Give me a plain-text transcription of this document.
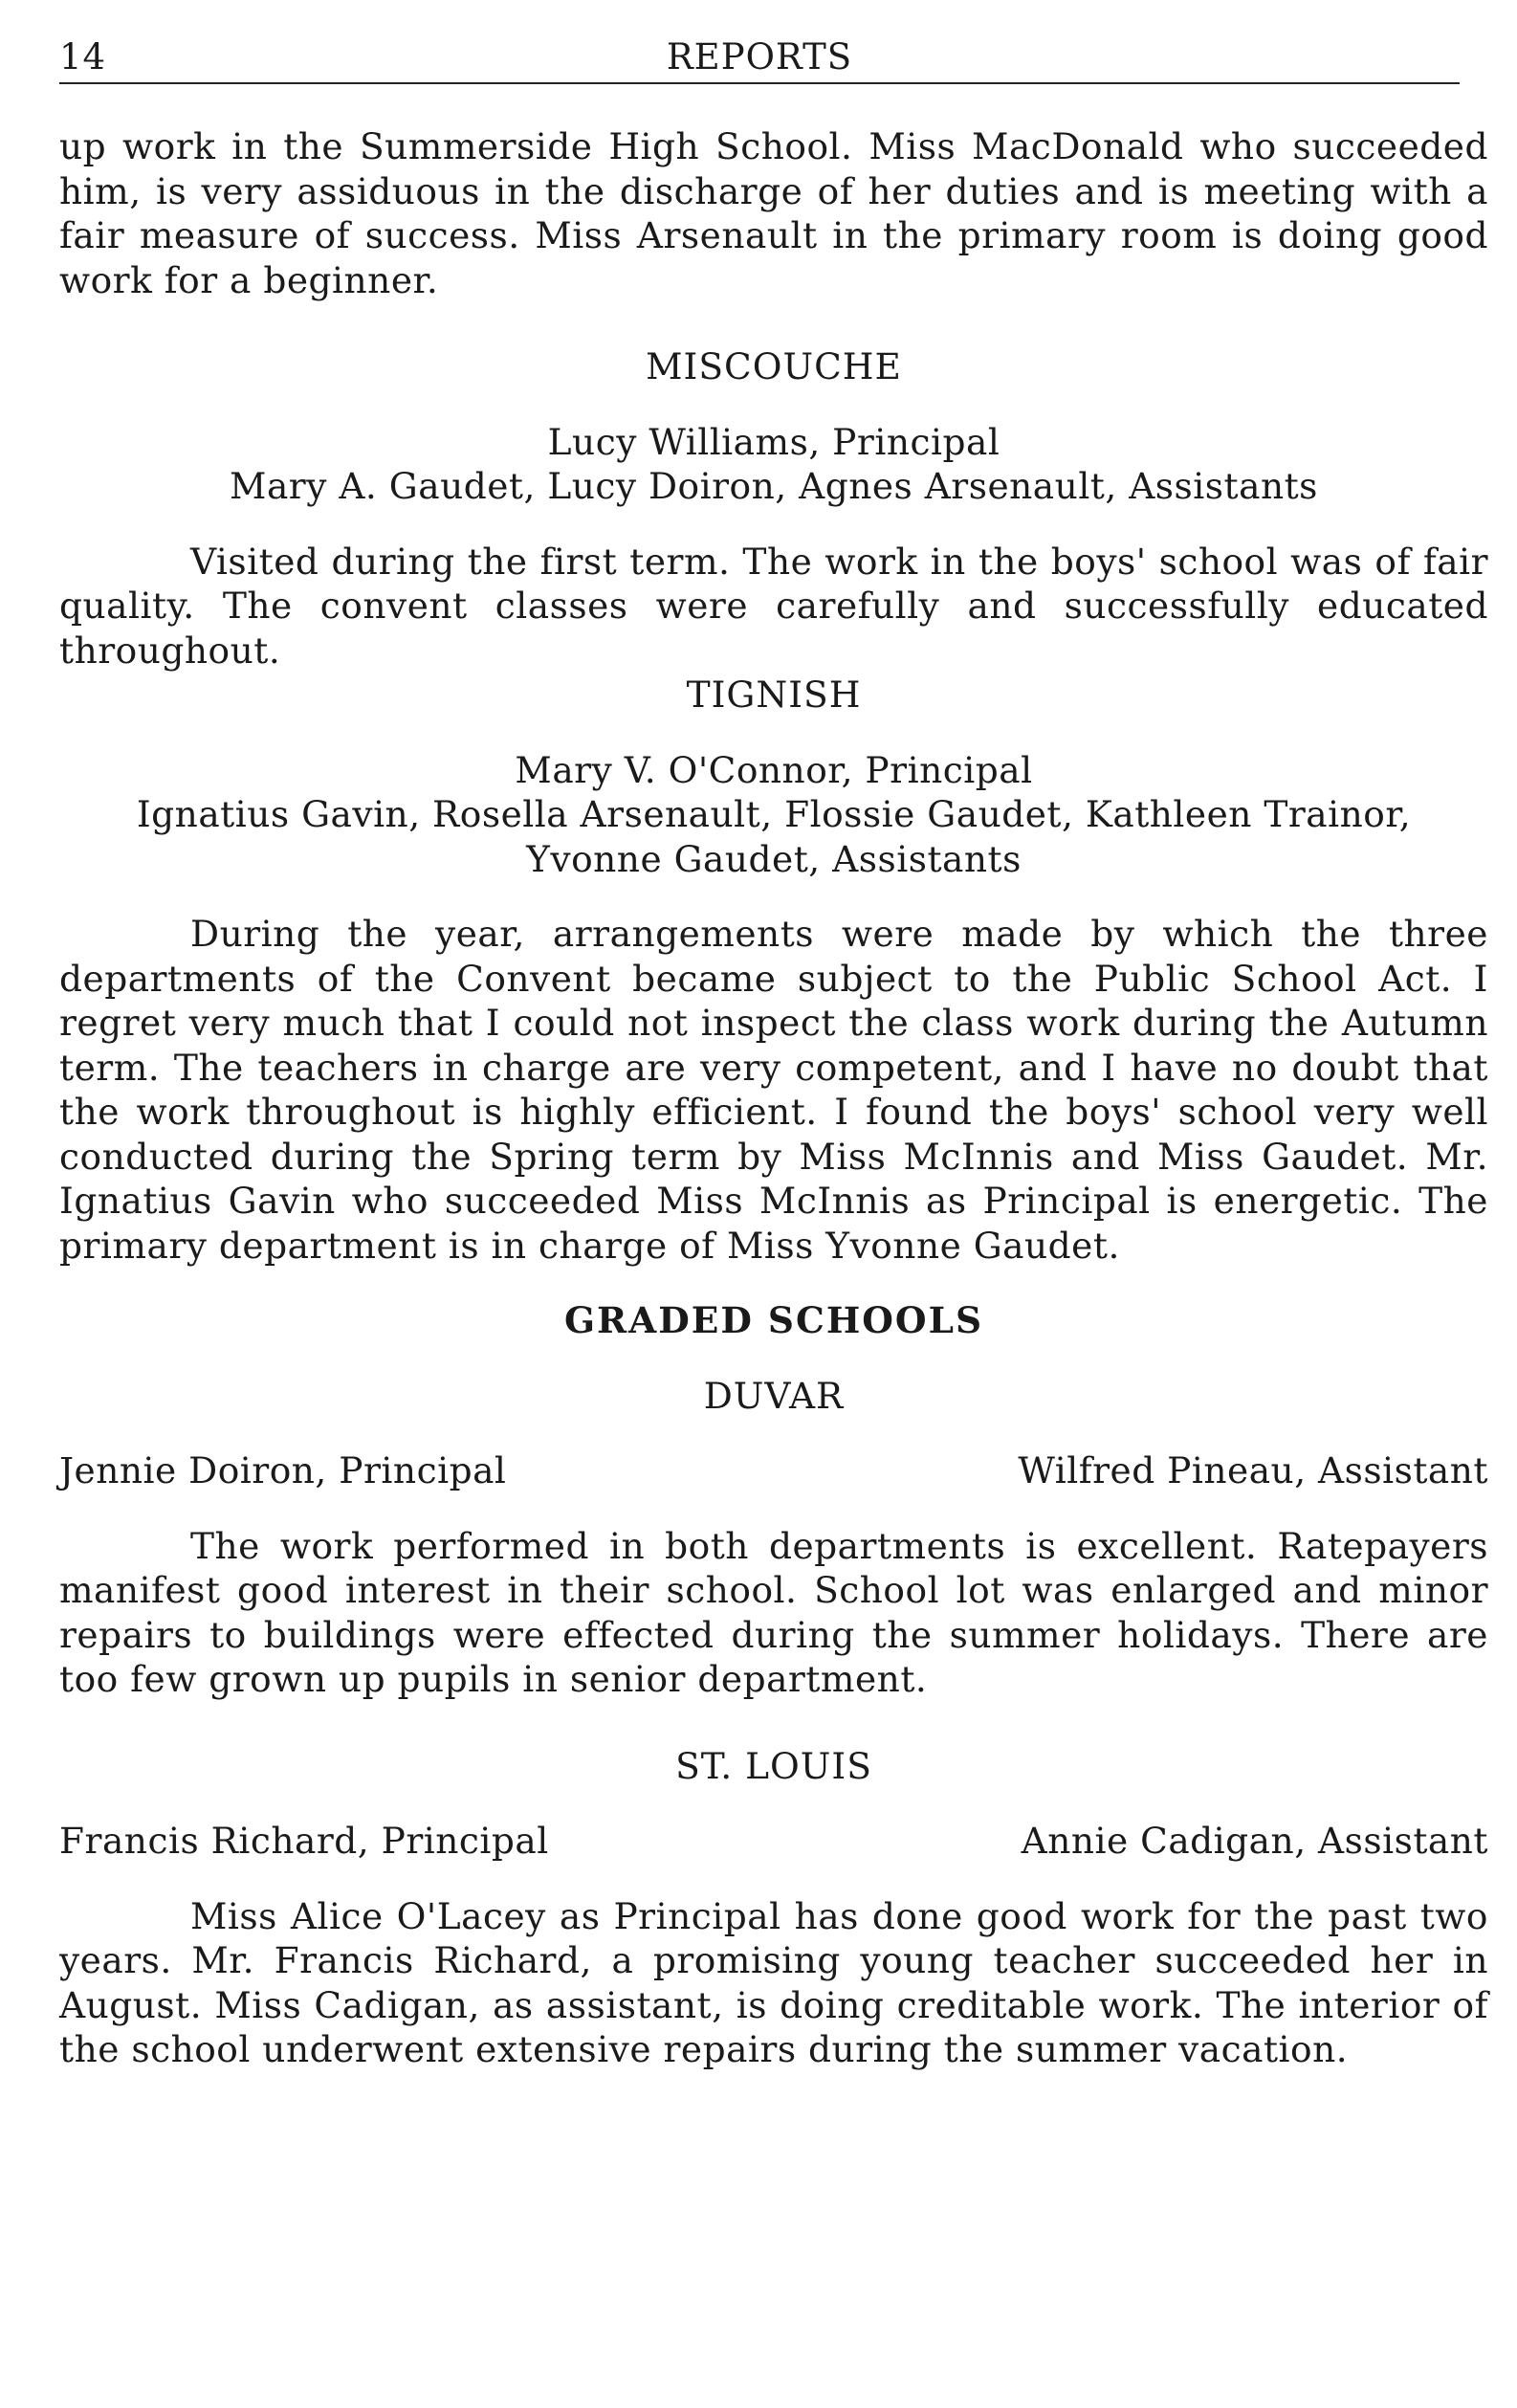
14	REPORTS

up work in the Summerside High School. Miss MacDonald who succeeded him, is very assiduous in the discharge of her duties and is meeting with a fair measure of success. Miss Arsenault in the primary room is doing good work for a beginner.

MISCOUCHE

Lucy Williams, Principal

Mary A. Gaudet, Lucy Doiron, Agnes Arsenault, Assistants

Visited during the first term. The work in the boys' school was of fair quality. The convent classes were carefully and successfully educated throughout.

TIGNISH

Mary V. O'Connor, Principal

Ignatius Gavin, Rosella Arsenault, Flossie Gaudet, Kathleen Trainor,

Yvonne Gaudet, Assistants

During the year, arrangements were made by which the three departments of the Convent became subject to the Public School Act. I regret very much that I could not inspect the class work during the Autumn term. The teachers in charge are very competent, and I have no doubt that the work throughout is highly efficient. I found the boys' school very well conducted during the Spring term by Miss McInnis and Miss Gaudet. Mr. Ignatius Gavin who succeeded Miss McInnis as Principal is energetic. The primary department is in charge of Miss Yvonne Gaudet.

GRADED SCHOOLS

DUVAR

Jennie Doiron, Principal	Wilfred Pineau, Assistant

The work performed in both departments is excellent. Ratepayers manifest good interest in their school. School lot was enlarged and minor repairs to buildings were effected during the summer holidays. There are too few grown up pupils in senior department.

ST. LOUIS

Francis Richard, Principal	Annie Cadigan, Assistant

Miss Alice O'Lacey as Principal has done good work for the past two years. Mr. Francis Richard, a promising young teacher succeeded her in August. Miss Cadigan, as assistant, is doing creditable work. The interior of the school underwent extensive repairs during the summer vacation.
